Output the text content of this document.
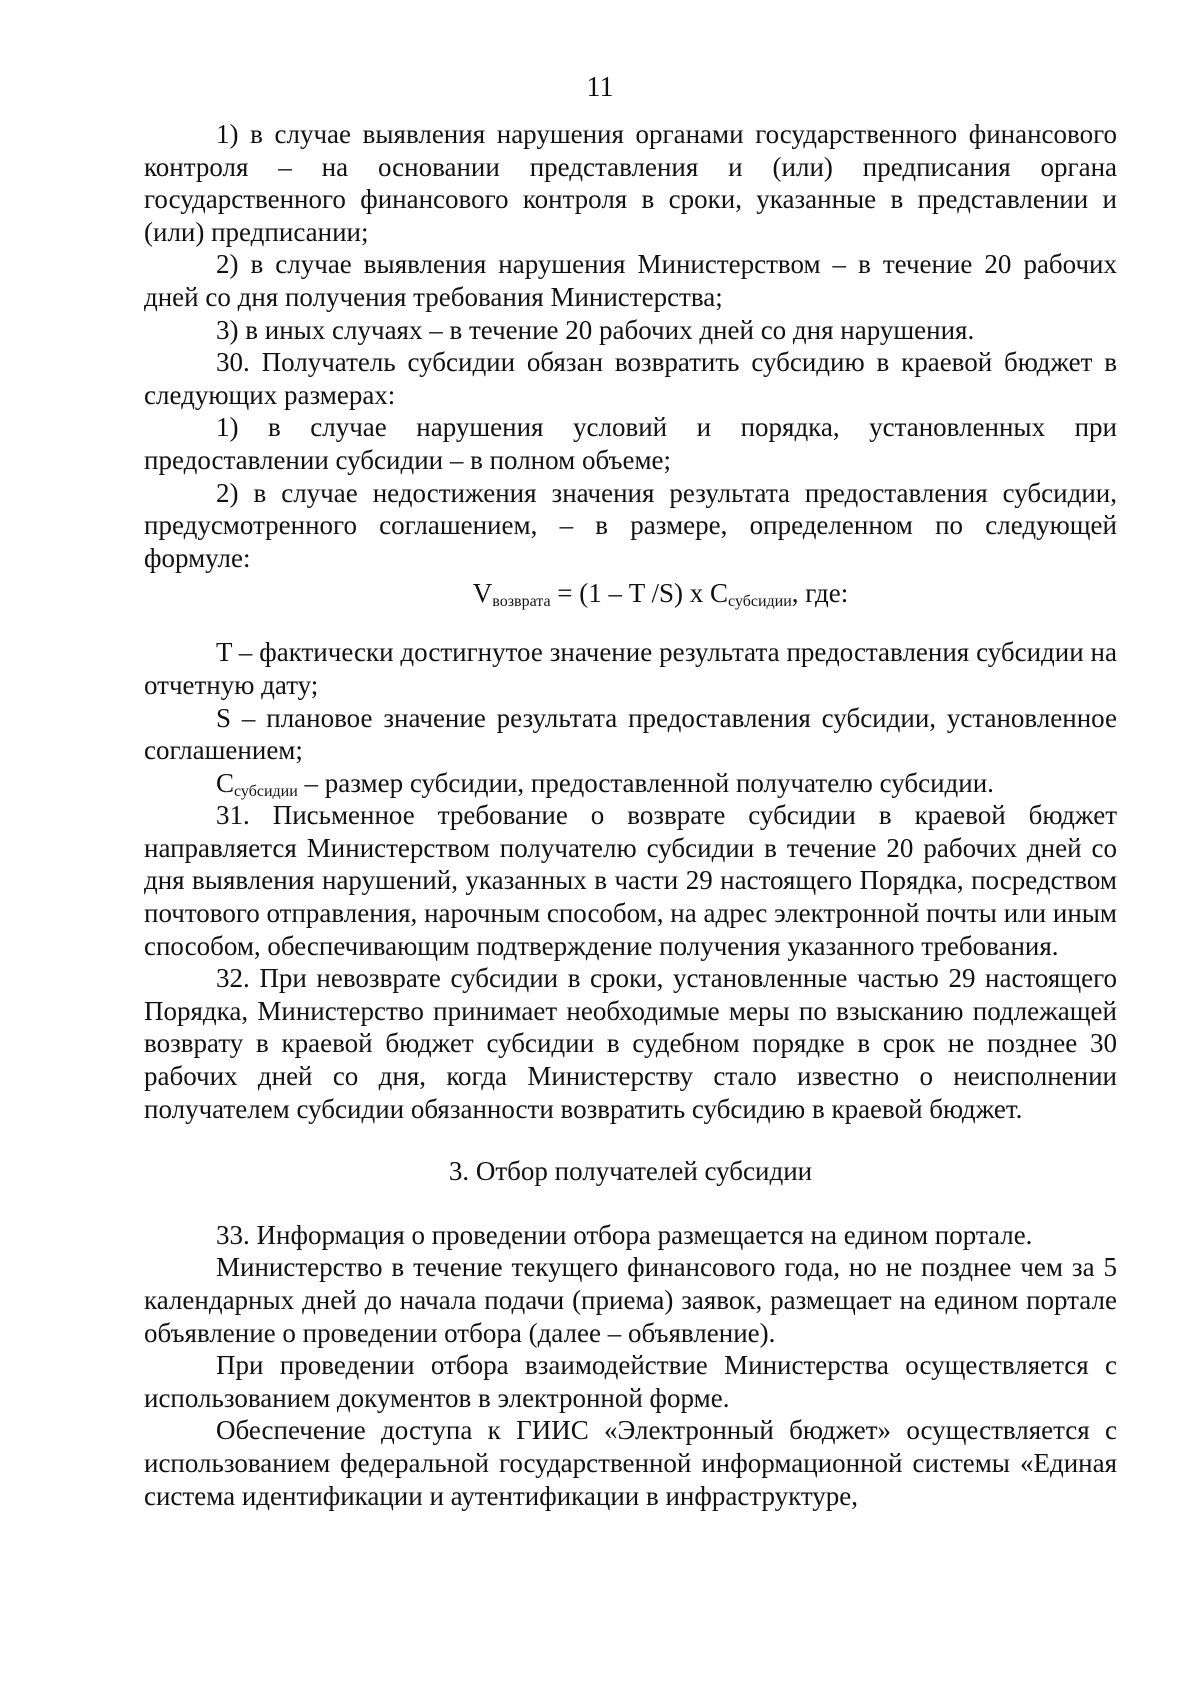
11

1) в случае выявления нарушения органами государственного финансового контроля – на основании представления и (или) предписания органа государственного финансового контроля в сроки, указанные в представлении и (или) предписании;

2) в случае выявления нарушения Министерством – в течение 20 рабочих дней со дня получения требования Министерства;

3) в иных случаях – в течение 20 рабочих дней со дня нарушения.

30. Получатель субсидии обязан возвратить субсидию в краевой бюджет в следующих размерах:

1) в случае нарушения условий и порядка, установленных при предоставлении субсидии – в полном объеме;

2) в случае недостижения значения результата предоставления субсидии, предусмотренного соглашением, – в размере, определенном по следующей формуле:

$V_{возврата} = (1 - T$ /S) x $C_{субсидии}$, где:

T – фактически достигнутое значение результата предоставления субсидии на отчетную дату;

S – плановое значение результата предоставления субсидии, установленное соглашением;

$C_{субсидии}$ – размер субсидии, предоставленной получателю субсидии.

31. Письменное требование о возврате субсидии в краевой бюджет направляется Министерством получателю субсидии в течение 20 рабочих дней со дня выявления нарушений, указанных в части 29 настоящего Порядка, посредством почтового отправления, нарочным способом, на адрес электронной почты или иным способом, обеспечивающим подтверждение получения указанного требования.

32. При невозврате субсидии в сроки, установленные частью 29 настоящего Порядка, Министерство принимает необходимые меры по взысканию подлежащей возврату в краевой бюджет субсидии в судебном порядке в срок не позднее 30 рабочих дней со дня, когда Министерству стало известно о неисполнении получателем субсидии обязанности возвратить субсидию в краевой бюджет.

3. Отбор получателей субсидии

33. Информация о проведении отбора размещается на едином портале.

Министерство в течение текущего финансового года, но не позднее чем за 5 календарных дней до начала подачи (приема) заявок, размещает на едином портале объявление о проведении отбора (далее – объявление).

При проведении отбора взаимодействие Министерства осуществляется с использованием документов в электронной форме.

Обеспечение доступа к ГИИС «Электронный бюджет» осуществляется с использованием федеральной государственной информационной системы «Единая система идентификации и аутентификации в инфраструктуре,
